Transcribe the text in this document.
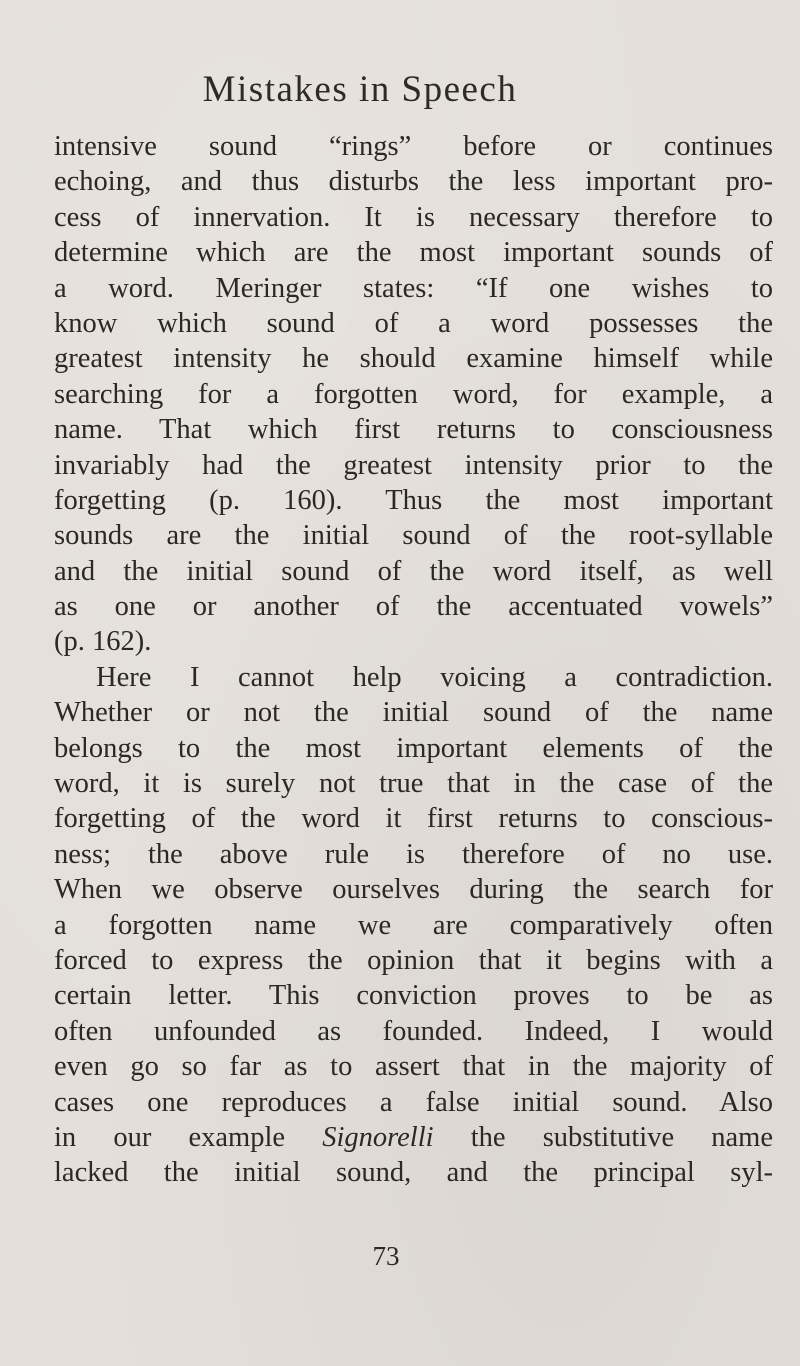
Mistakes in Speech
intensive sound “rings” before or continues
echoing, and thus disturbs the less important pro-
cess of innervation. It is necessary therefore to
determine which are the most important sounds of
a word. Meringer states: “If one wishes to
know which sound of a word possesses the
greatest intensity he should examine himself while
searching for a forgotten word, for example, a
name. That which first returns to consciousness
invariably had the greatest intensity prior to the
forgetting (p. 160). Thus the most important
sounds are the initial sound of the root-syllable
and the initial sound of the word itself, as well
as one or another of the accentuated vowels”
(p. 162).
Here I cannot help voicing a contradiction.
Whether or not the initial sound of the name
belongs to the most important elements of the
word, it is surely not true that in the case of the
forgetting of the word it first returns to conscious-
ness; the above rule is therefore of no use.
When we observe ourselves during the search for
a forgotten name we are comparatively often
forced to express the opinion that it begins with a
certain letter. This conviction proves to be as
often unfounded as founded. Indeed, I would
even go so far as to assert that in the majority of
cases one reproduces a false initial sound. Also
in our example Signorelli the substitutive name
lacked the initial sound, and the principal syl-
73
